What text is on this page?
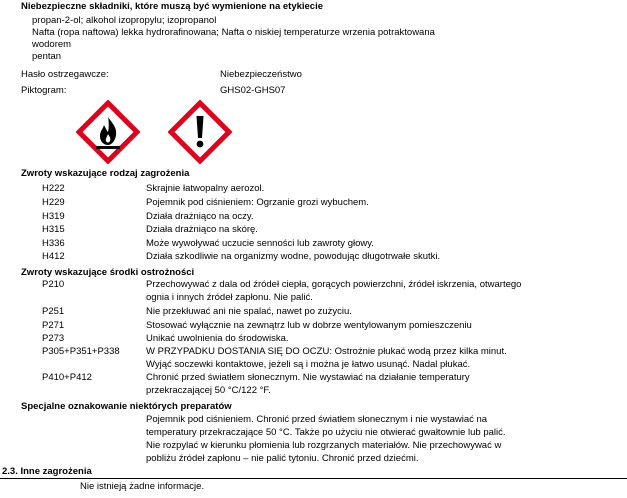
Niebezpieczne składniki, które muszą być wymienione na etykiecie
propan-2-ol; alkohol izopropylu; izopropanol
Nafta (ropa naftowa) lekka hydrorafinowana; Nafta o niskiej temperaturze wrzenia potraktowana
wodorem
pentan
Hasło ostrzegawcze:	Niebezpieczeństwo
Piktogram:	GHS02-GHS07
Zwroty wskazujące rodzaj zagrożenia
H222	Skrajnie łatwopalny aerozol.
H229	Pojemnik pod ciśnieniem: Ogrzanie grozi wybuchem.
H319	Działa drażniąco na oczy.
H315	Działa drażniąco na skórę.
H336	Może wywoływać uczucie senności lub zawroty głowy.
H412	Działa szkodliwie na organizmy wodne, powodując długotrwałe skutki.
Zwroty wskazujące środki ostrożności
P210	Przechowywać z dala od źródeł ciepła, gorących powierzchni, źródeł iskrzenia, otwartego
ognia i innych źródeł zapłonu. Nie palić.
P251	Nie przekłuwać ani nie spalać, nawet po zużyciu.
P271	Stosować wyłącznie na zewnątrz lub w dobrze wentylowanym pomieszczeniu
P273	Unikać uwolnienia do środowiska.
P305+P351+P338	W PRZYPADKU DOSTANIA SIĘ DO OCZU: Ostrożnie płukać wodą przez kilka minut.
Wyjąć soczewki kontaktowe, jeżeli są i można je łatwo usunąć. Nadal płukać.
P410+P412	Chronić przed światłem słonecznym. Nie wystawiać na działanie temperatury
przekraczającej 50 °C/122 °F.
Specjalne oznakowanie niektórych preparatów
Pojemnik pod ciśnieniem. Chronić przed światłem słonecznym i nie wystawiać na
temperatury przekraczające 50 °C. Także po użyciu nie otwierać gwałtownie lub palić.
Nie rozpylać w kierunku płomienia lub rozgrzanych materiałów. Nie przechowywać w
pobliżu źródeł zapłonu – nie palić tytoniu. Chronić przed dziećmi.
2.3. Inne zagrożenia
Nie istnieją żadne informacje.
